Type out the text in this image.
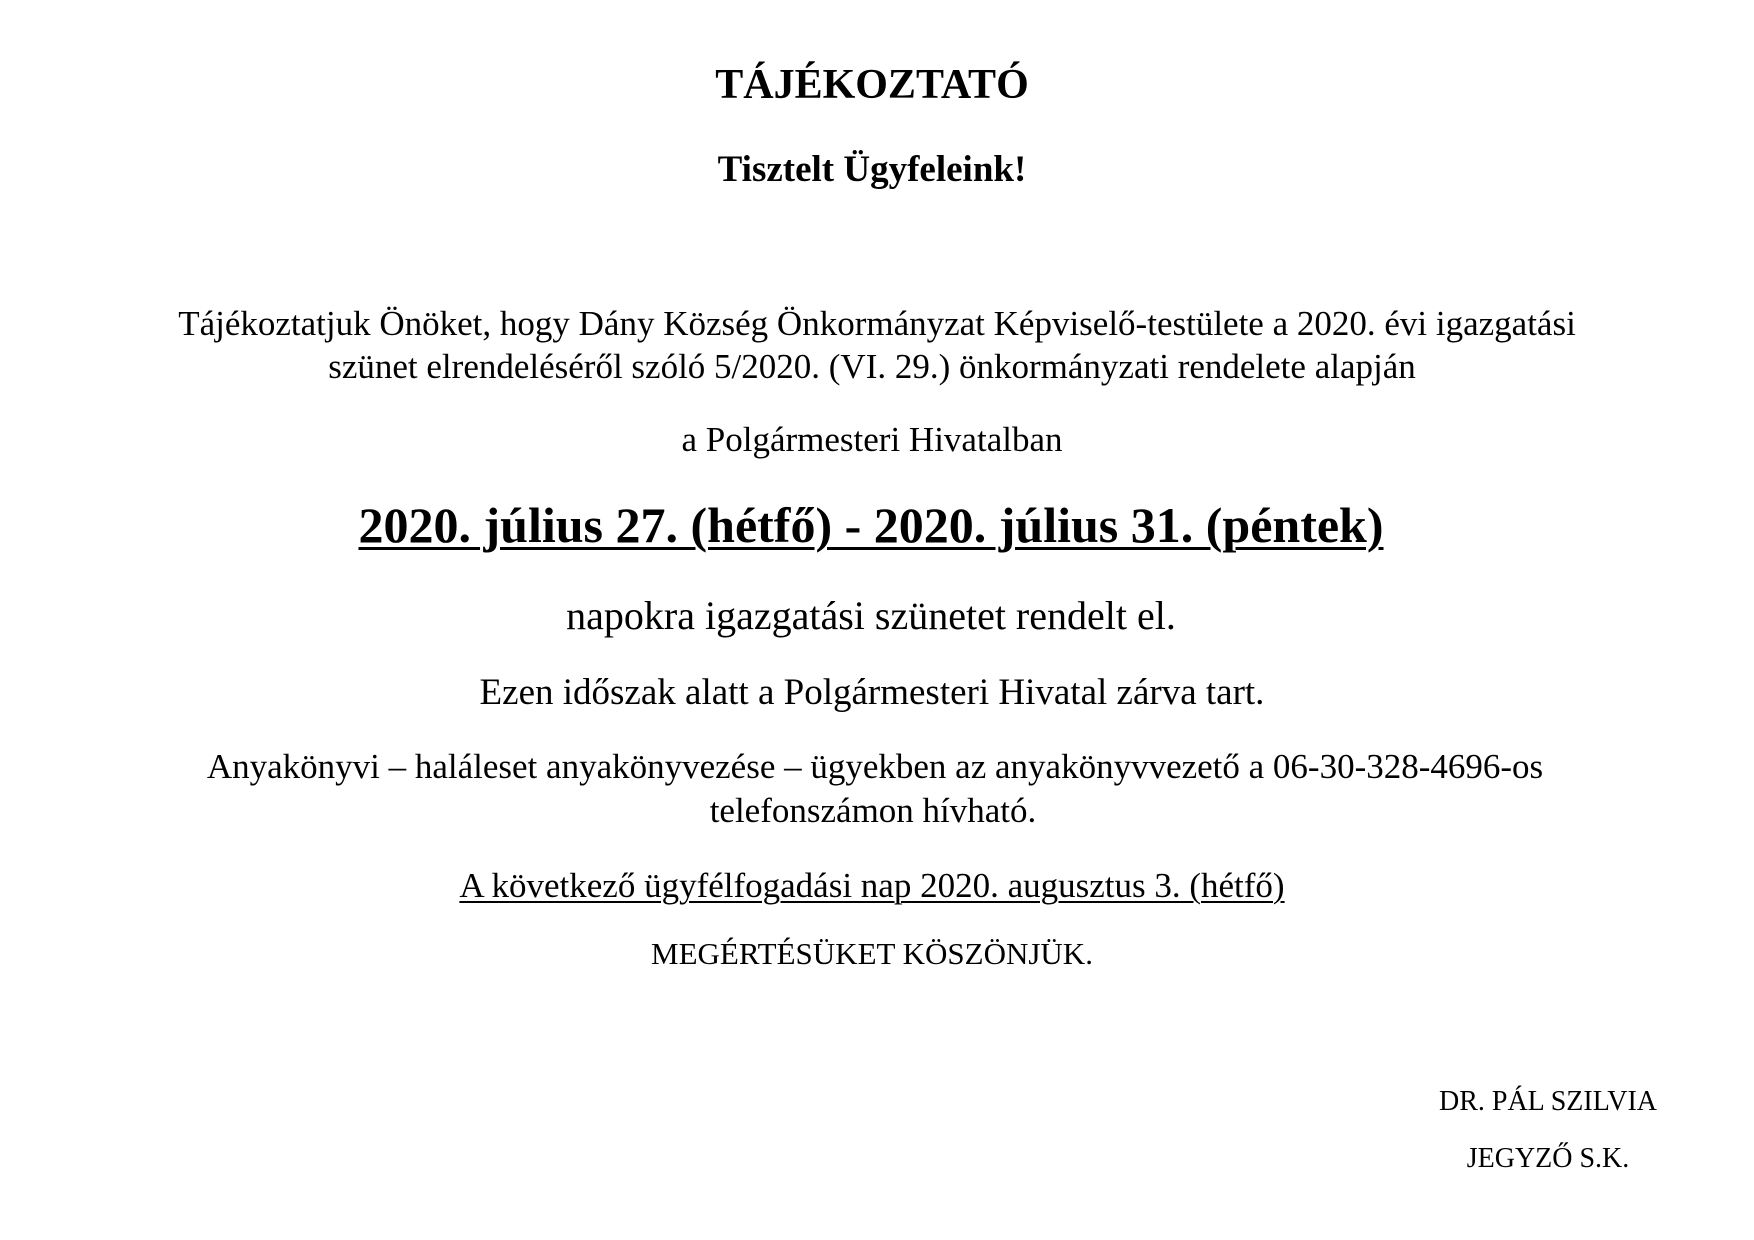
TÁJÉKOZTATÓ
Tisztelt Ügyfeleink!
Tájékoztatjuk Önöket, hogy Dány Község Önkormányzat Képviselő-testülete a 2020. évi igazgatási
szünet elrendeléséről szóló 5/2020. (VI. 29.) önkormányzati rendelete alapján
a Polgármesteri Hivatalban
2020. július 27. (hétfő) - 2020. július 31. (péntek)
napokra igazgatási szünetet rendelt el.
Ezen időszak alatt a Polgármesteri Hivatal zárva tart.
Anyakönyvi – haláleset anyakönyvezése – ügyekben az anyakönyvvezető a 06-30-328-4696-os
telefonszámon hívható.
A következő ügyfélfogadási nap 2020. augusztus 3. (hétfő)
MEGÉRTÉSÜKET KÖSZÖNJÜK.
DR. PÁL SZILVIA
JEGYZŐ S.K.
